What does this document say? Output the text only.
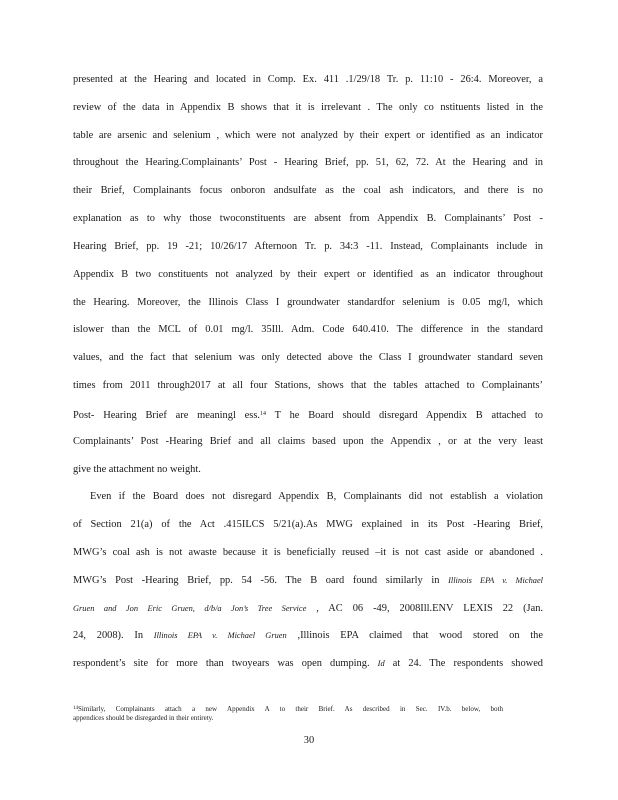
presented at the Hearing and located in Comp. Ex. 411 .1/29/18 Tr. p. 11:10 - 26:4. Moreover, a
review of the data in Appendix B shows that it is irrelevant . The only co nstituents listed in the
table are arsenic and selenium , which were not analyzed by their expert or identified as an indicator
throughout the Hearing.Complainants’ Post - Hearing Brief, pp. 51, 62, 72. At the Hearing and in
their Brief, Complainants focus onboron andsulfate as the coal ash indicators, and there is no
explanation as to why those twoconstituents are absent from Appendix B. Complainants’ Post -
Hearing Brief, pp. 19 -21; 10/26/17 Afternoon Tr. p. 34:3 -11. Instead, Complainants include in
Appendix B two constituents not analyzed by their expert or identified as an indicator throughout
the Hearing. Moreover, the Illinois Class I groundwater standardfor selenium is 0.05 mg/l, which
islower than the MCL of 0.01 mg/l. 35Ill. Adm. Code 640.410. The difference in the standard
values, and the fact that selenium was only detected above the Class I groundwater standard seven
times from 2011 through2017 at all four Stations, shows that the tables attached to Complainants’
Post- Hearing Brief are meaningl ess.$^{14}$ T he Board should disregard Appendix B attached to
Complainants’ Post -Hearing Brief and all claims based upon the Appendix , or at the very least
give the attachment no weight.
Even if the Board does not disregard Appendix B, Complainants did not establish a violation
of Section 21(a) of the Act .415ILCS 5/21(a).As MWG explained in its Post -Hearing Brief,
MWG’s coal ash is not awaste because it is beneficially reused –it is not cast aside or abandoned .
MWG’s Post -Hearing Brief, pp. 54 -56. The B oard found similarly in Illinois EPA v. Michael
Gruen and Jon Eric Gruen, d/b/a Jon’s Tree Service , AC 06 -49, 2008Ill.ENV LEXIS 22 (Jan.
24, 2008). In Illinois EPA v. Michael Gruen ,Illinois EPA claimed that wood stored on the
respondent’s site for more than twoyears was open dumping. Id at 24. The respondents showed
$^{14}$Similarly, Complainants attach a new Appendix A to their Brief. As described in Sec. IV.b. below, both
appendices should be disregarded in their entirety.
30
